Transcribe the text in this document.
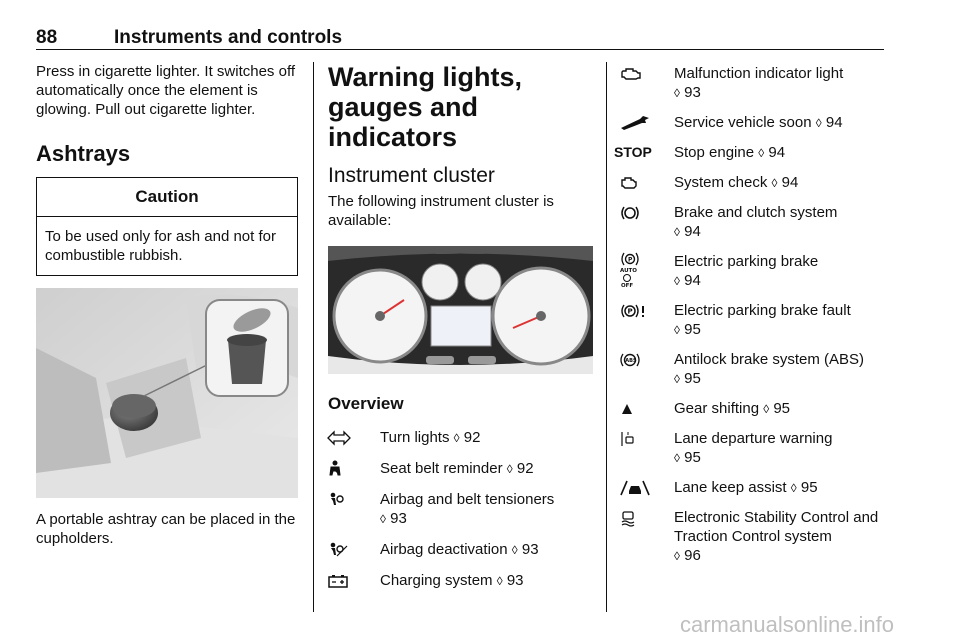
88	Instruments and controls

Press in cigarette lighter. It switches off automatically once the element is glowing. Pull out cigarette lighter.

Ashtrays
Caution
To be used only for ash and not for combustible rubbish.

A portable ashtray can be placed in the cupholders.

Warning lights, gauges and indicators
Instrument cluster

The following instrument cluster is available:

Overview
Turn lights ◊ 92
Seat belt reminder ◊ 92
Airbag and belt tensioners
◊ 93
Airbag deactivation ◊ 93
Charging system ◊ 93
Malfunction indicator light
◊ 93
Service vehicle soon ◊ 94
STOP	Stop engine ◊ 94
System check ◊ 94
Brake and clutch system
◊ 94
P
AUTO
OFF
Electric parking brake
◊ 94
P	Electric parking brake fault
◊ 95
ABS Antilock brake system (ABS)
◊ 95
Gear shifting ◊ 95
Lane departure warning
◊ 95
Lane keep assist ◊ 95
Electronic Stability Control and Traction Control system
◊ 96
carmanualsonline.info
